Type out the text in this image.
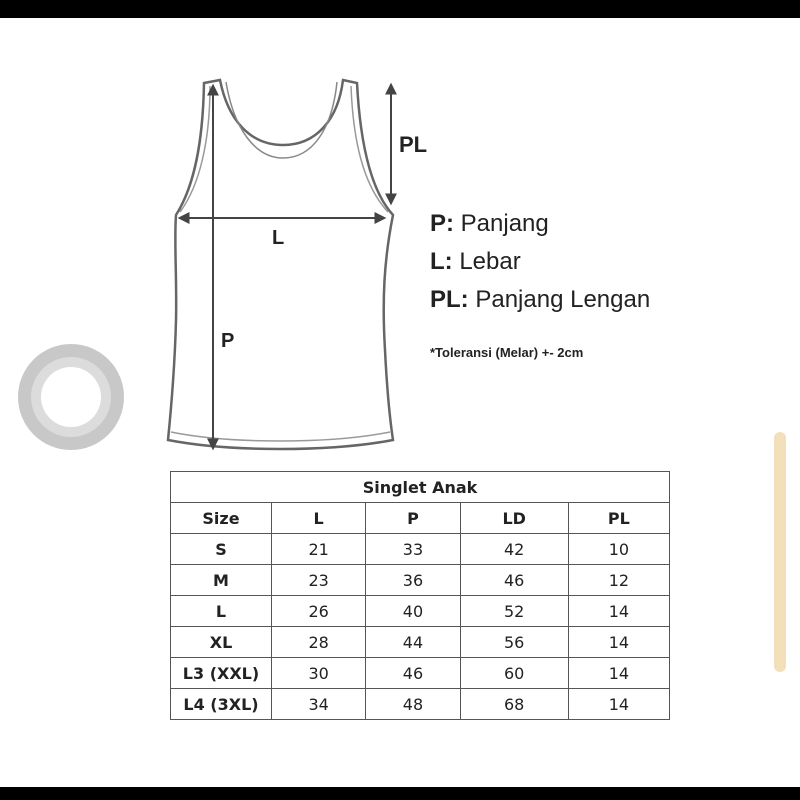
PL
L
P
P: Panjang
L: Lebar
PL: Panjang Lengan
*Toleransi (Melar) +- 2cm
Singlet Anak				
Size	L	P	LD	PL
S	21	33	42	10
M	23	36	46	12
L	26	40	52	14
XL	28	44	56	14
L3 (XXL)	30	46	60	14
L4 (3XL)	34	48	68	14
